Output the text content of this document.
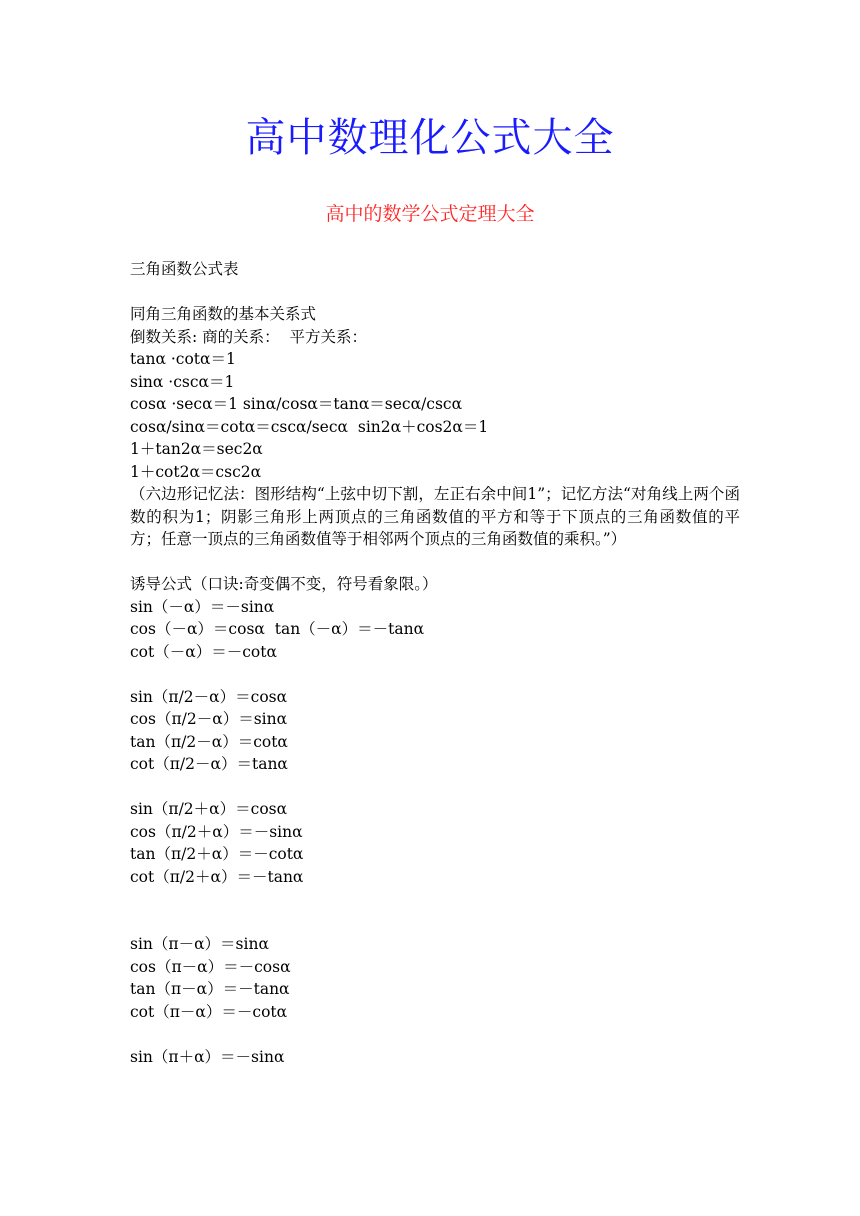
高中数理化公式大全
高中的数学公式定理大全
三角函数公式表
同角三角函数的基本关系式
倒数关系: 商的关系：  平方关系：
tanα ·cotα＝1
sinα ·cscα＝1
cosα ·secα＝1 sinα/cosα＝tanα＝secα/cscα
cosα/sinα＝cotα＝cscα/secα  sin2α＋cos2α＝1
1＋tan2α＝sec2α
1＋cot2α＝csc2α

（六边形记忆法：图形结构“上弦中切下割，左正右余中间1”；记忆方法“对角线上两个函数的积为1；阴影三角形上两顶点的三角函数值的平方和等于下顶点的三角函数值的平方；任意一顶点的三角函数值等于相邻两个顶点的三角函数值的乘积。”）

诱导公式（口诀:奇变偶不变，符号看象限。）
sin（－α）＝－sinα
cos（－α）＝cosα  tan（－α）＝－tanα
cot（－α）＝－cotα
sin（π/2－α）＝cosα
cos（π/2－α）＝sinα
tan（π/2－α）＝cotα
cot（π/2－α）＝tanα
sin（π/2＋α）＝cosα
cos（π/2＋α）＝－sinα
tan（π/2＋α）＝－cotα
cot（π/2＋α）＝－tanα
sin（π－α）＝sinα
cos（π－α）＝－cosα
tan（π－α）＝－tanα
cot（π－α）＝－cotα
sin（π＋α）＝－sinα
